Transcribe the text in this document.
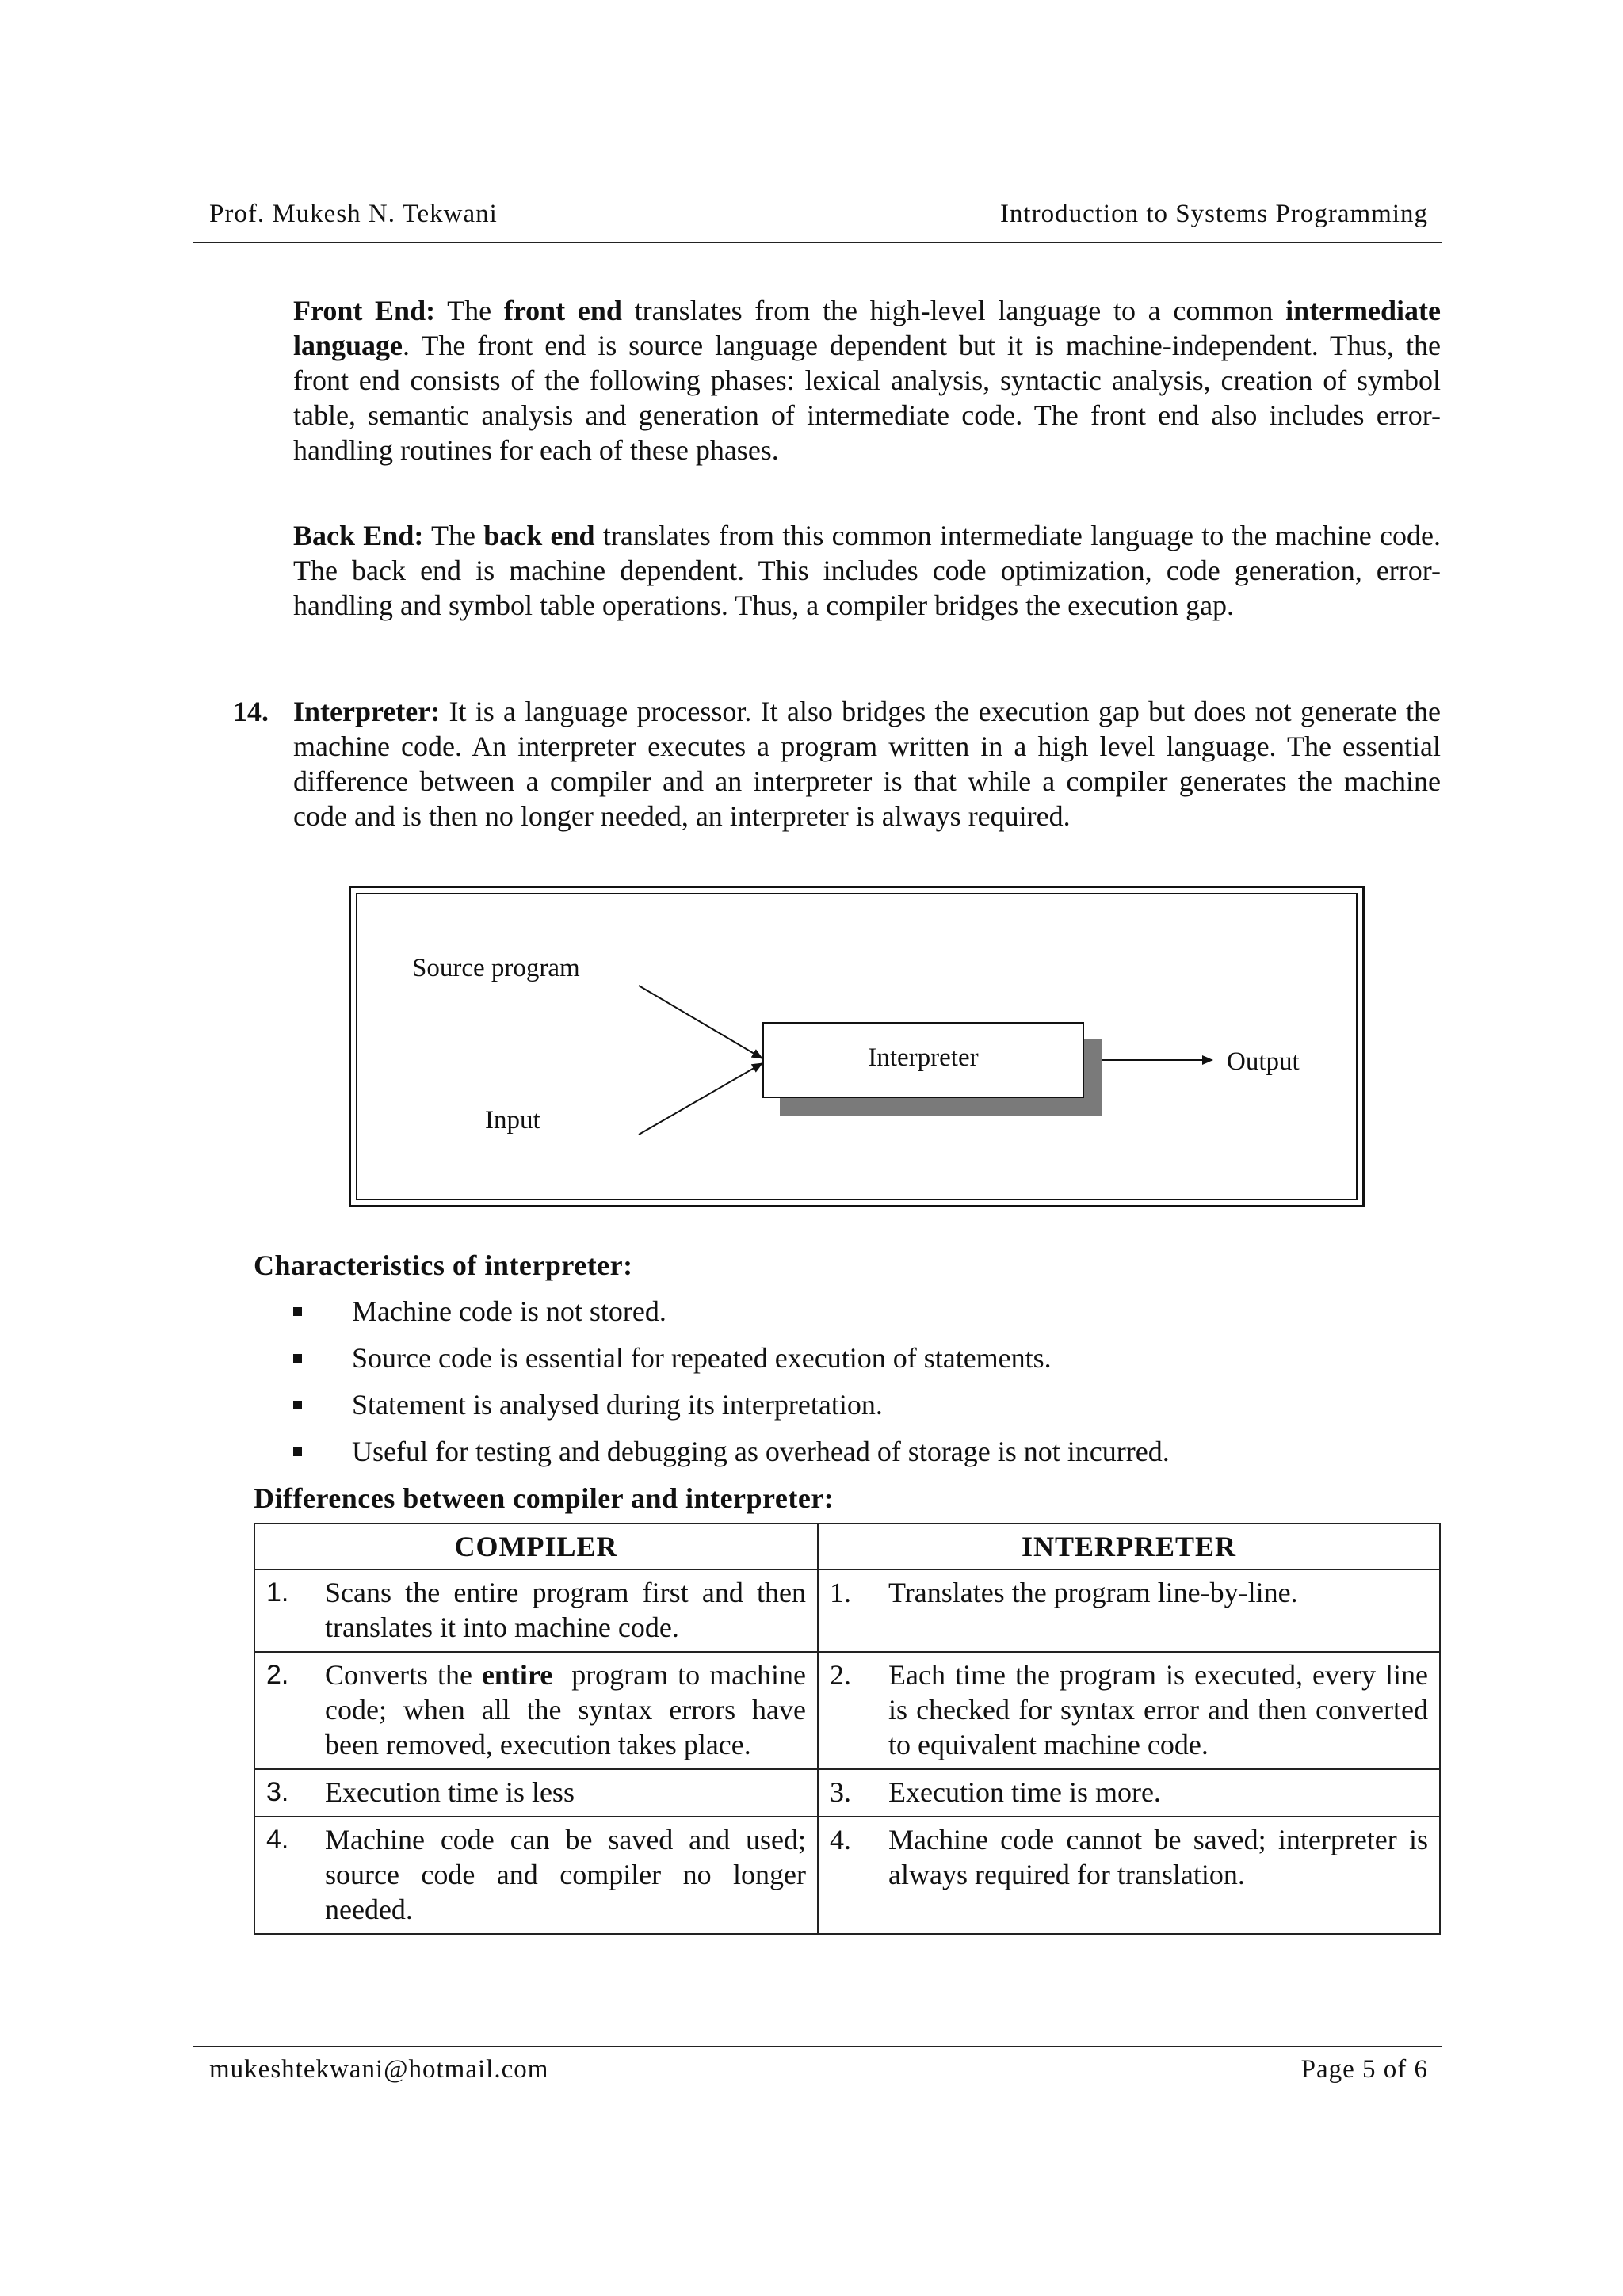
Prof. Mukesh N. Tekwani	Introduction to Systems Programming
Front End: The front end translates from the high-level language to a common intermediate language. The front end is source language dependent but it is machine-independent. Thus, the front end consists of the following phases: lexical analysis, syntactic analysis, creation of symbol table, semantic analysis and generation of intermediate code. The front end also includes error-handling routines for each of these phases.
Back End: The back end translates from this common intermediate language to the machine code. The back end is machine dependent. This includes code optimization, code generation, error-handling and symbol table operations. Thus, a compiler bridges the execution gap.
14. Interpreter: It is a language processor. It also bridges the execution gap but does not generate the machine code. An interpreter executes a program written in a high level language. The essential difference between a compiler and an interpreter is that while a compiler generates the machine code and is then no longer needed, an interpreter is always required.
Source program
Input
Interpreter	Output
Characteristics of interpreter:
Machine code is not stored.
Source code is essential for repeated execution of statements.
Statement is analysed during its interpretation.
Useful for testing and debugging as overhead of storage is not incurred.
Differences between compiler and interpreter:
COMPILER	INTERPRETER

1. Scans the entire program first and then translates it into machine code.	1. Translates the program line-by-line.

2. Converts the entire program to machine code; when all the syntax errors have been removed, execution takes place.	2. Each time the program is executed, every line is checked for syntax error and then converted to equivalent machine code.

3. Execution time is less	3. Execution time is more.

4. Machine code can be saved and used; source code and compiler no longer needed.	4. Machine code cannot be saved; interpreter is always required for translation.
mukeshtekwani@hotmail.com	Page 5 of 6
